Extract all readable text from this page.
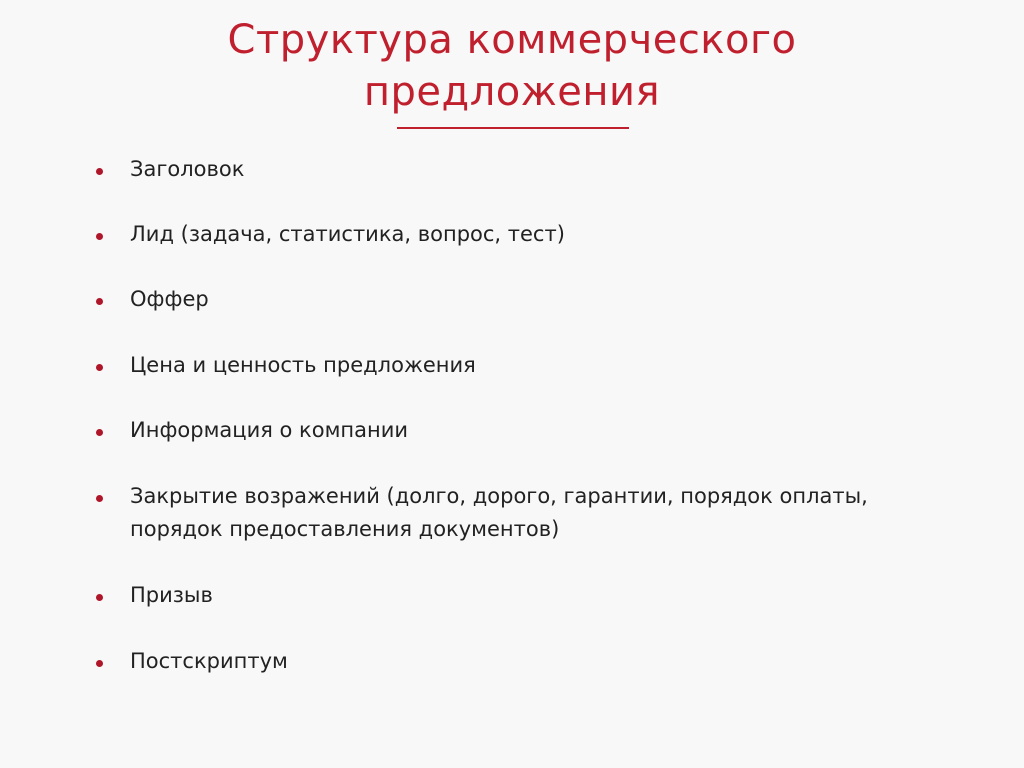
Структура коммерческого
предложения
Заголовок
Лид (задача, статистика, вопрос, тест)
Оффер
Цена и ценность предложения
Информация о компании
Закрытие возражений (долго, дорого, гарантии, порядок оплаты,
порядок предоставления документов)
Призыв
Постскриптум
